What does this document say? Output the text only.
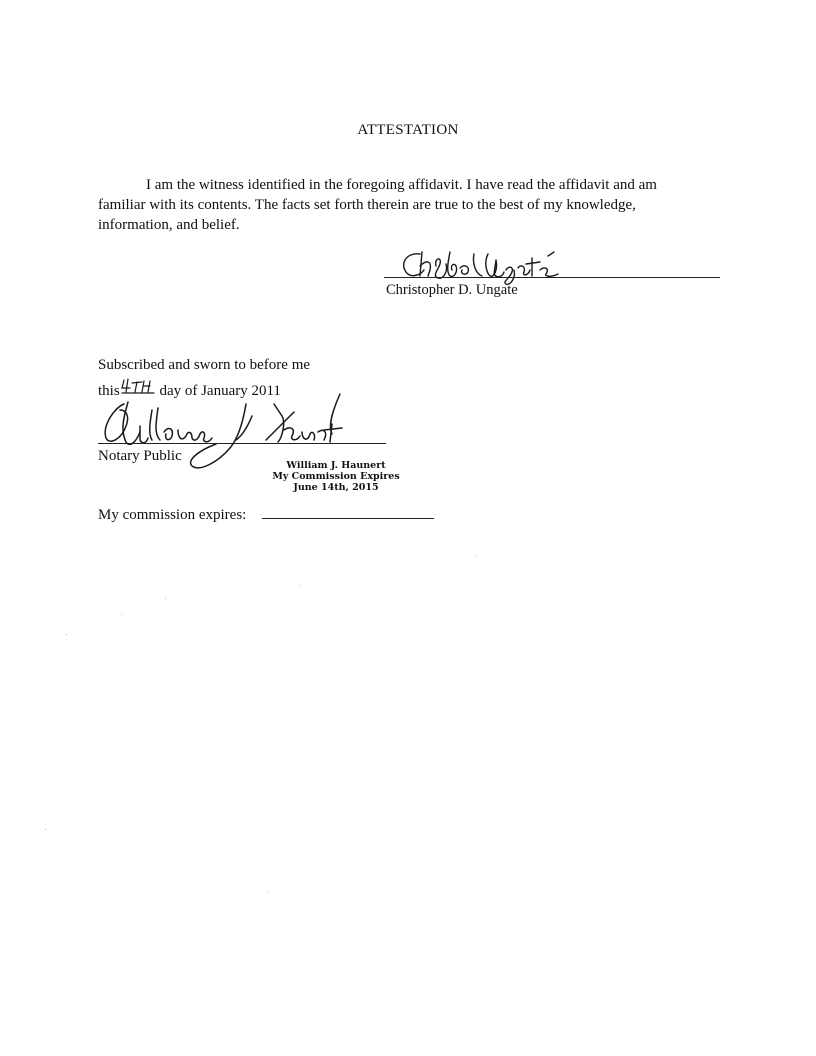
ATTESTATION
I am the witness identified in the foregoing affidavit. I have read the affidavit and am
familiar with its contents. The facts set forth therein are true to the best of my knowledge,
information, and belief.
Christopher D. Ungate
Subscribed and sworn to before me
this	day of January 2011
Notary Public
William J. Haunert
My Commission Expires
June 14th, 2015
My commission expires:
